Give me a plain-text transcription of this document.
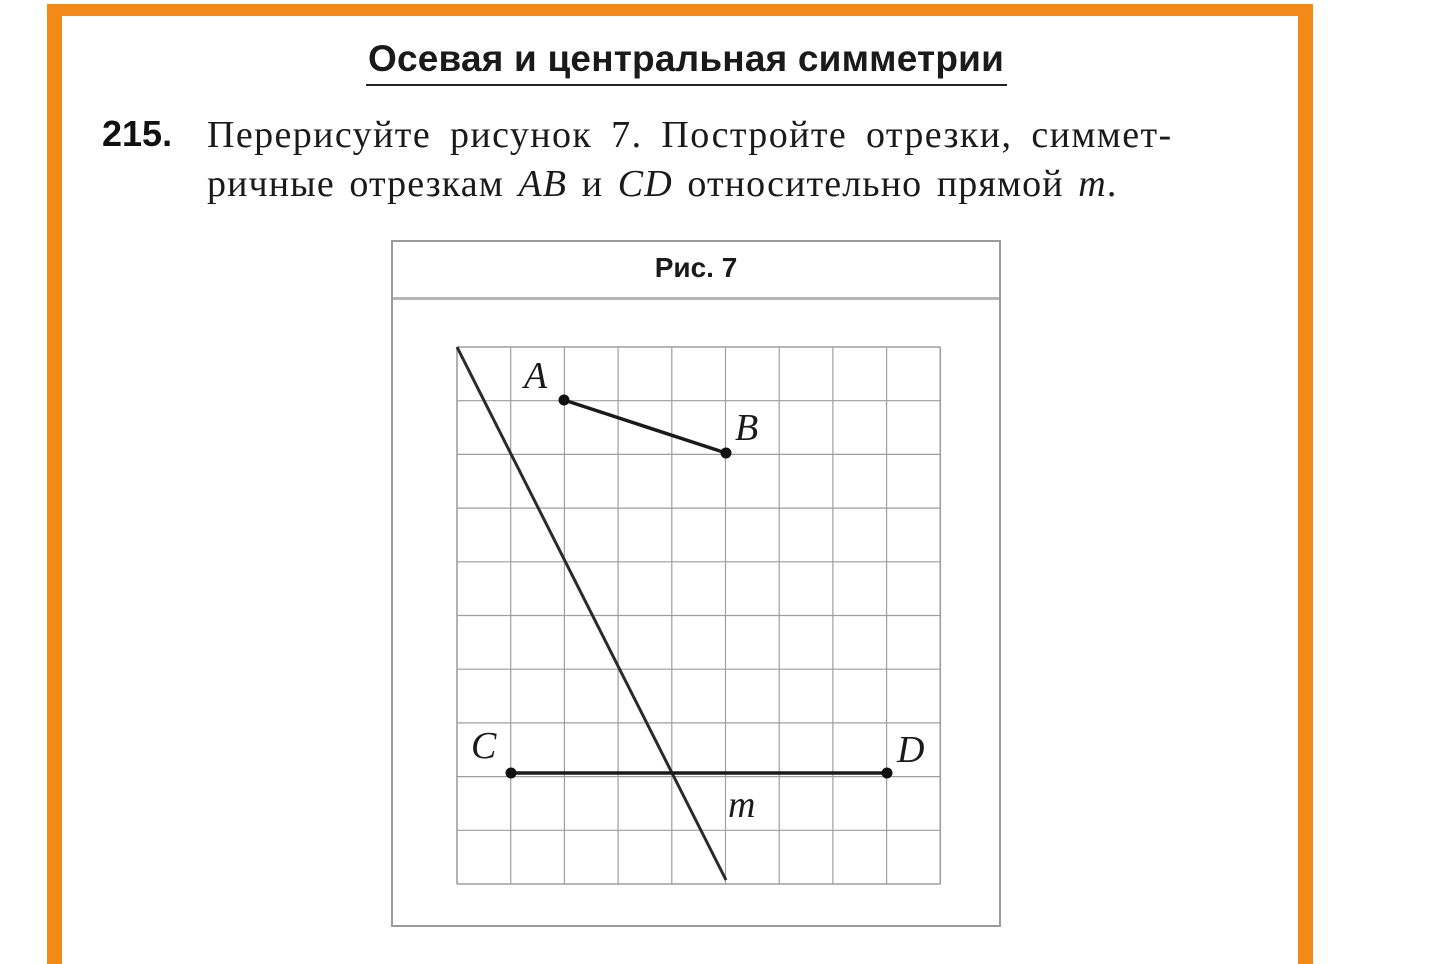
Осевая и центральная симметрии
215. Перерисуйте рисунок 7. Постройте отрезки, симмет-
ричные отрезкам AB и CD относительно прямой m.
Рис. 7
A
B
C	D
m
